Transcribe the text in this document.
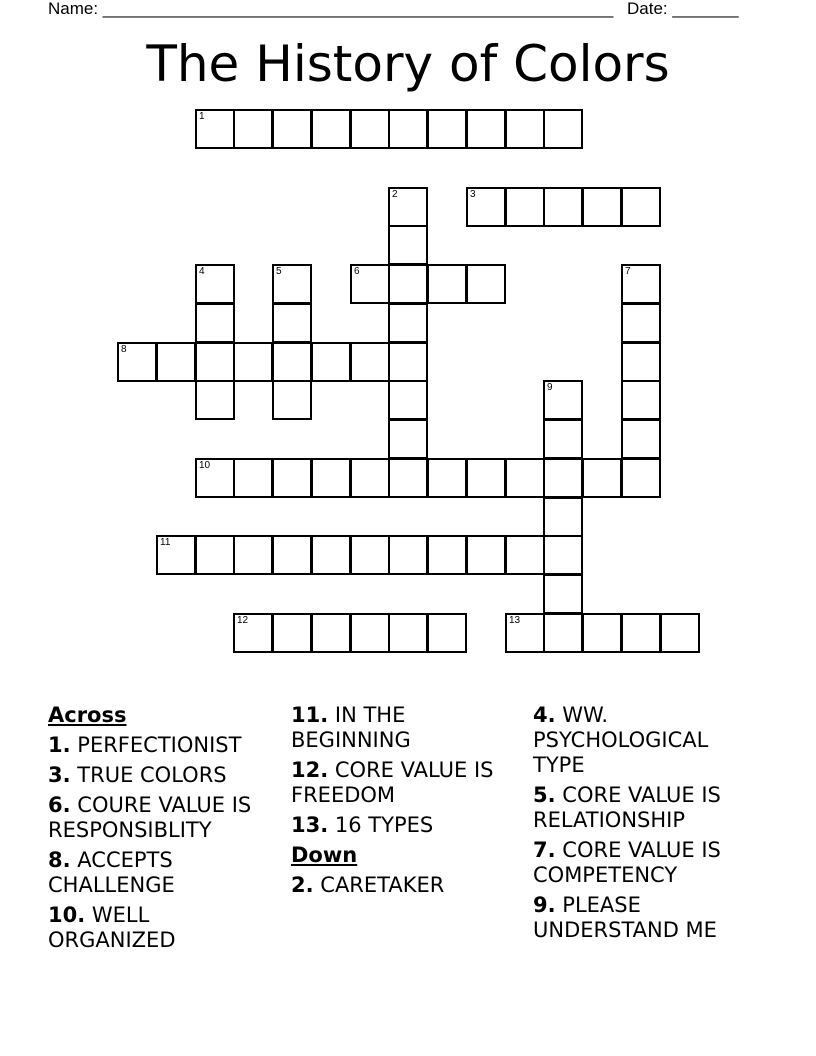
Name: ______________________________________________________ Date: _______
The History of Colors
1
2	3
4	5	6	7
8
9
10
11
12	13
Across
1. PERFECTIONIST
3. TRUE COLORS
6. COURE VALUE IS RESPONSIBLITY
8. ACCEPTS CHALLENGE
10. WELL ORGANIZED
11. IN THE BEGINNING
12. CORE VALUE IS FREEDOM
13. 16 TYPES
Down
2. CARETAKER
4. WW. PSYCHOLOGICAL TYPE
5. CORE VALUE IS RELATIONSHIP
7. CORE VALUE IS COMPETENCY
9. PLEASE UNDERSTAND ME
